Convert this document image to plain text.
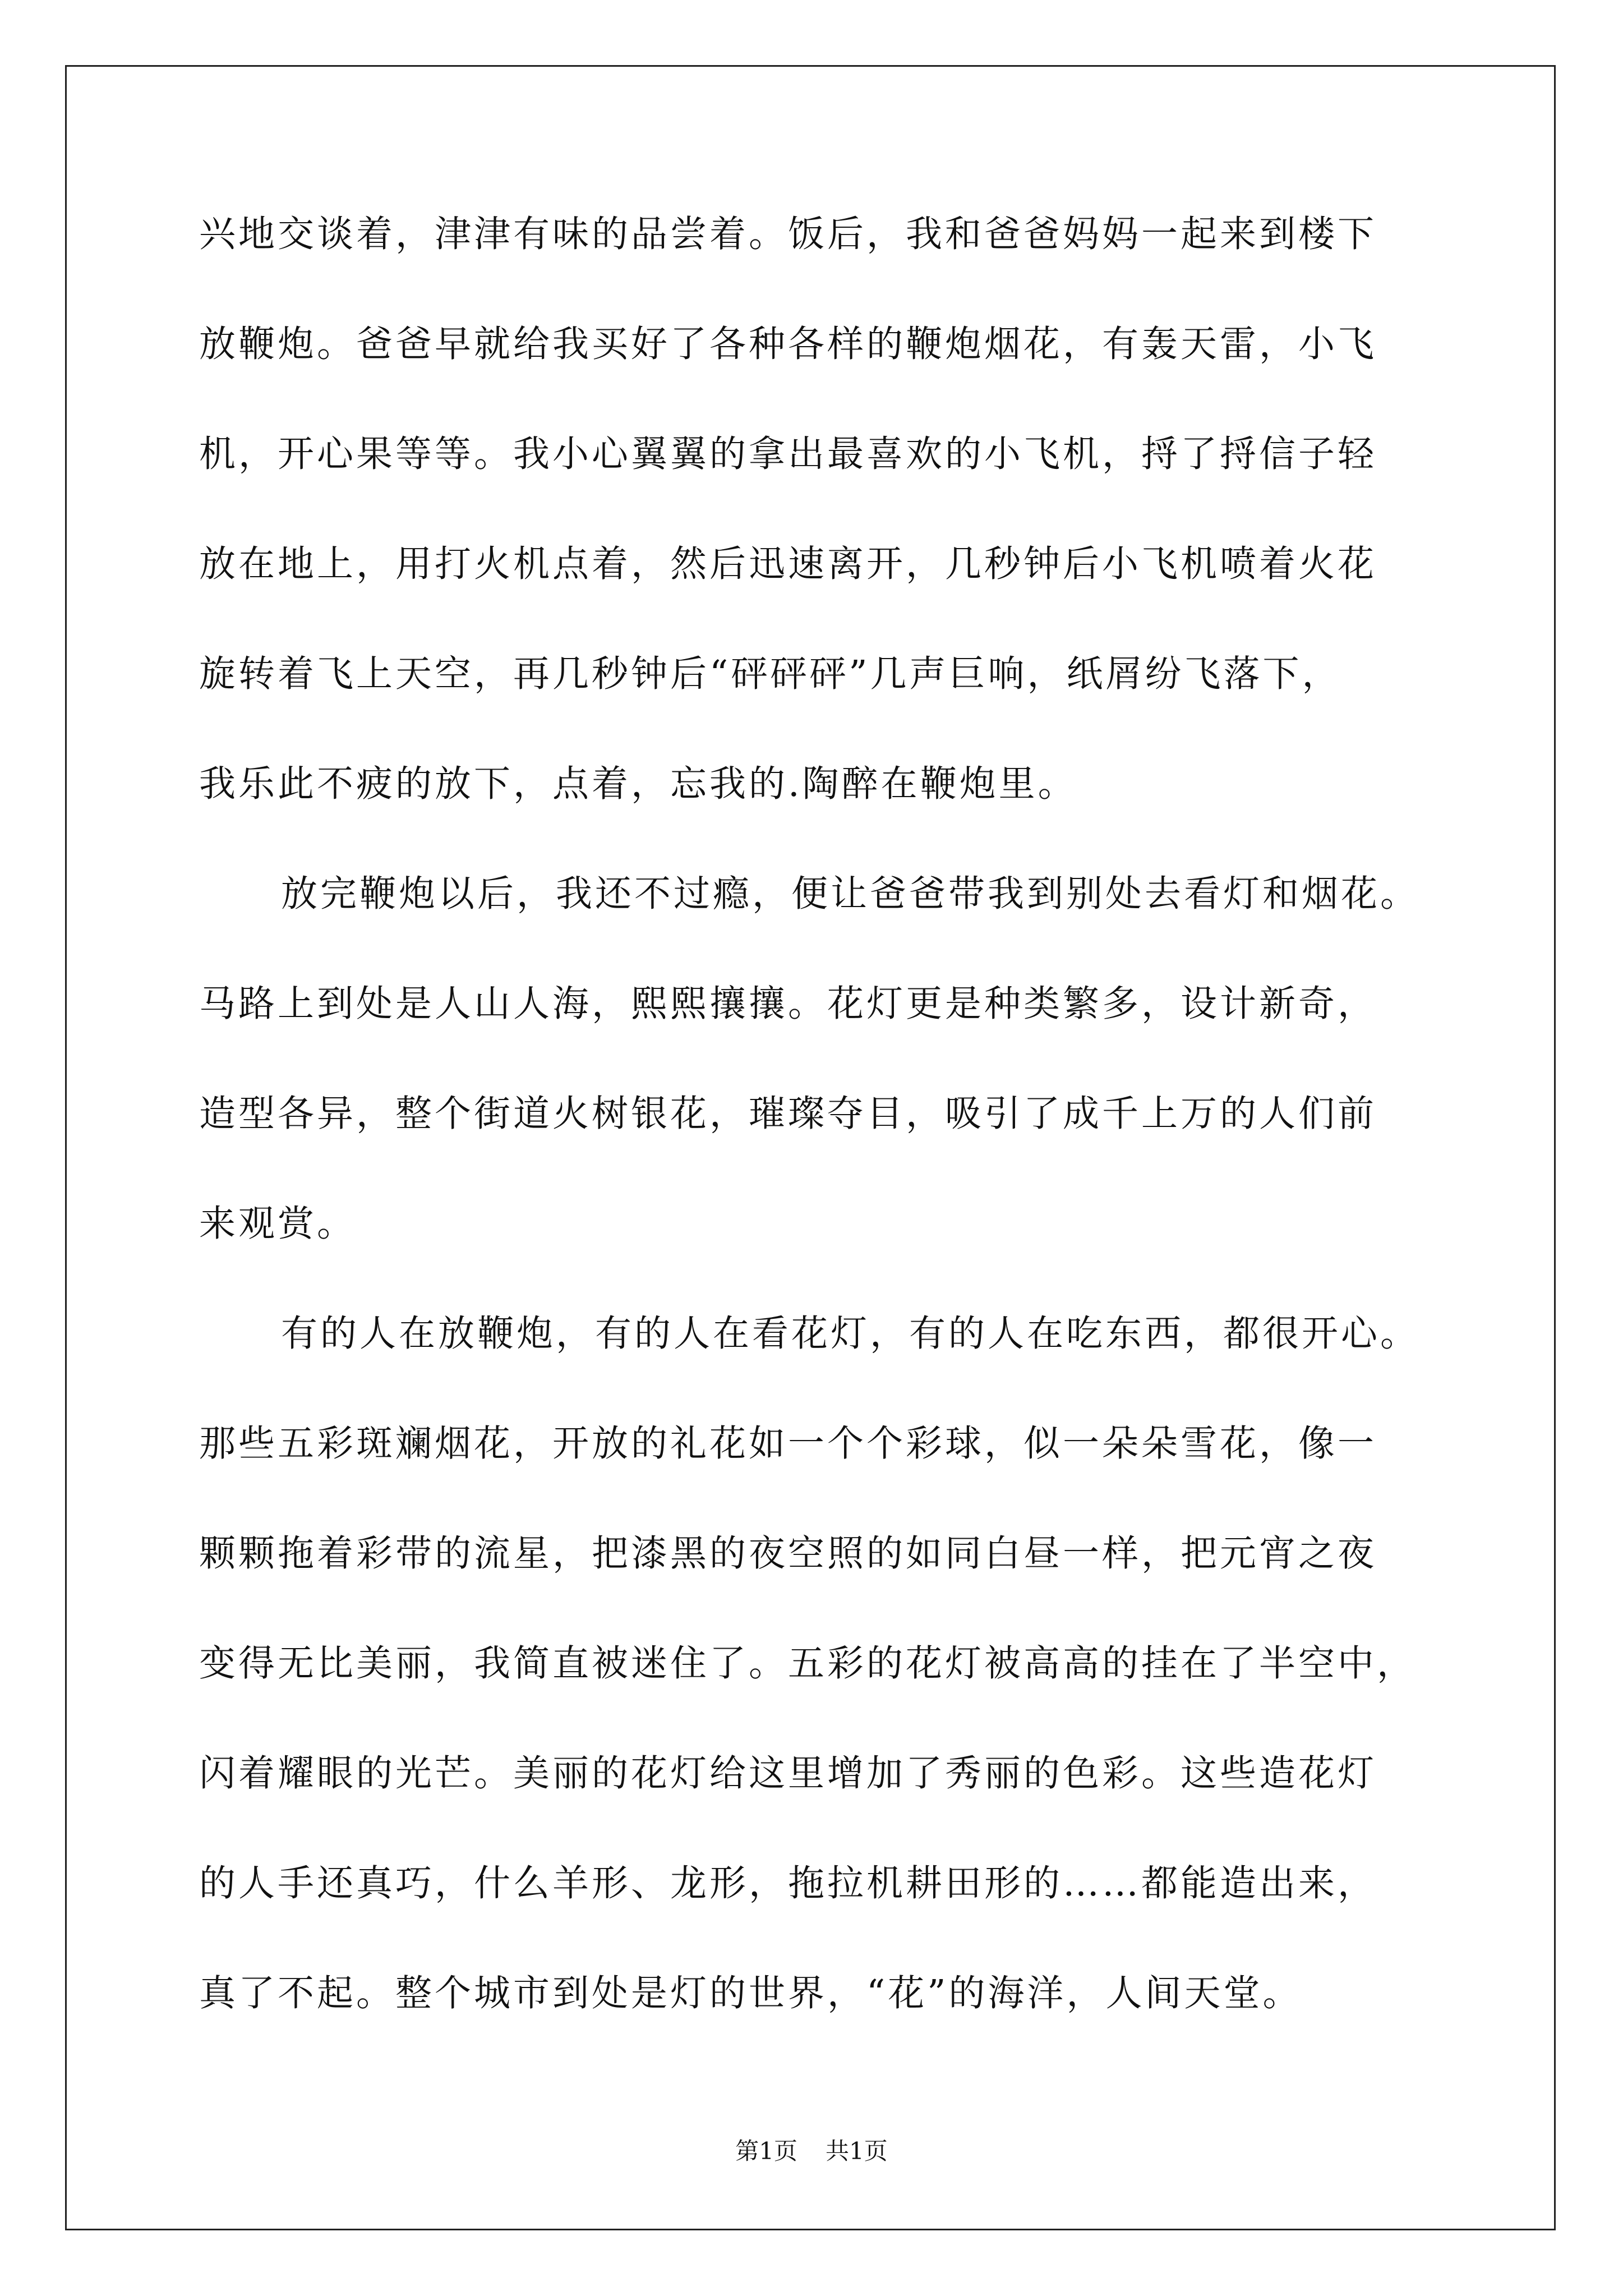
兴地交谈着，津津有味的品尝着。饭后，我和爸爸妈妈一起来到楼下
放鞭炮。爸爸早就给我买好了各种各样的鞭炮烟花，有轰天雷，小飞
机，开心果等等。我小心翼翼的拿出最喜欢的小飞机，捋了捋信子轻
放在地上，用打火机点着，然后迅速离开，几秒钟后小飞机喷着火花
旋转着飞上天空，再几秒钟后“砰砰砰”几声巨响，纸屑纷飞落下，
我乐此不疲的放下，点着，忘我的.陶醉在鞭炮里。
放完鞭炮以后，我还不过瘾，便让爸爸带我到别处去看灯和烟花。
马路上到处是人山人海，熙熙攘攘。花灯更是种类繁多，设计新奇，
造型各异，整个街道火树银花，璀璨夺目，吸引了成千上万的人们前
来观赏。
有的人在放鞭炮，有的人在看花灯，有的人在吃东西，都很开心。
那些五彩斑斓烟花，开放的礼花如一个个彩球，似一朵朵雪花，像一
颗颗拖着彩带的流星，把漆黑的夜空照的如同白昼一样，把元宵之夜
变得无比美丽，我简直被迷住了。五彩的花灯被高高的挂在了半空中，
闪着耀眼的光芒。美丽的花灯给这里增加了秀丽的色彩。这些造花灯
的人手还真巧，什么羊形、龙形，拖拉机耕田形的……都能造出来，
真了不起。整个城市到处是灯的世界，“花”的海洋，人间天堂。
第1页 共1页
